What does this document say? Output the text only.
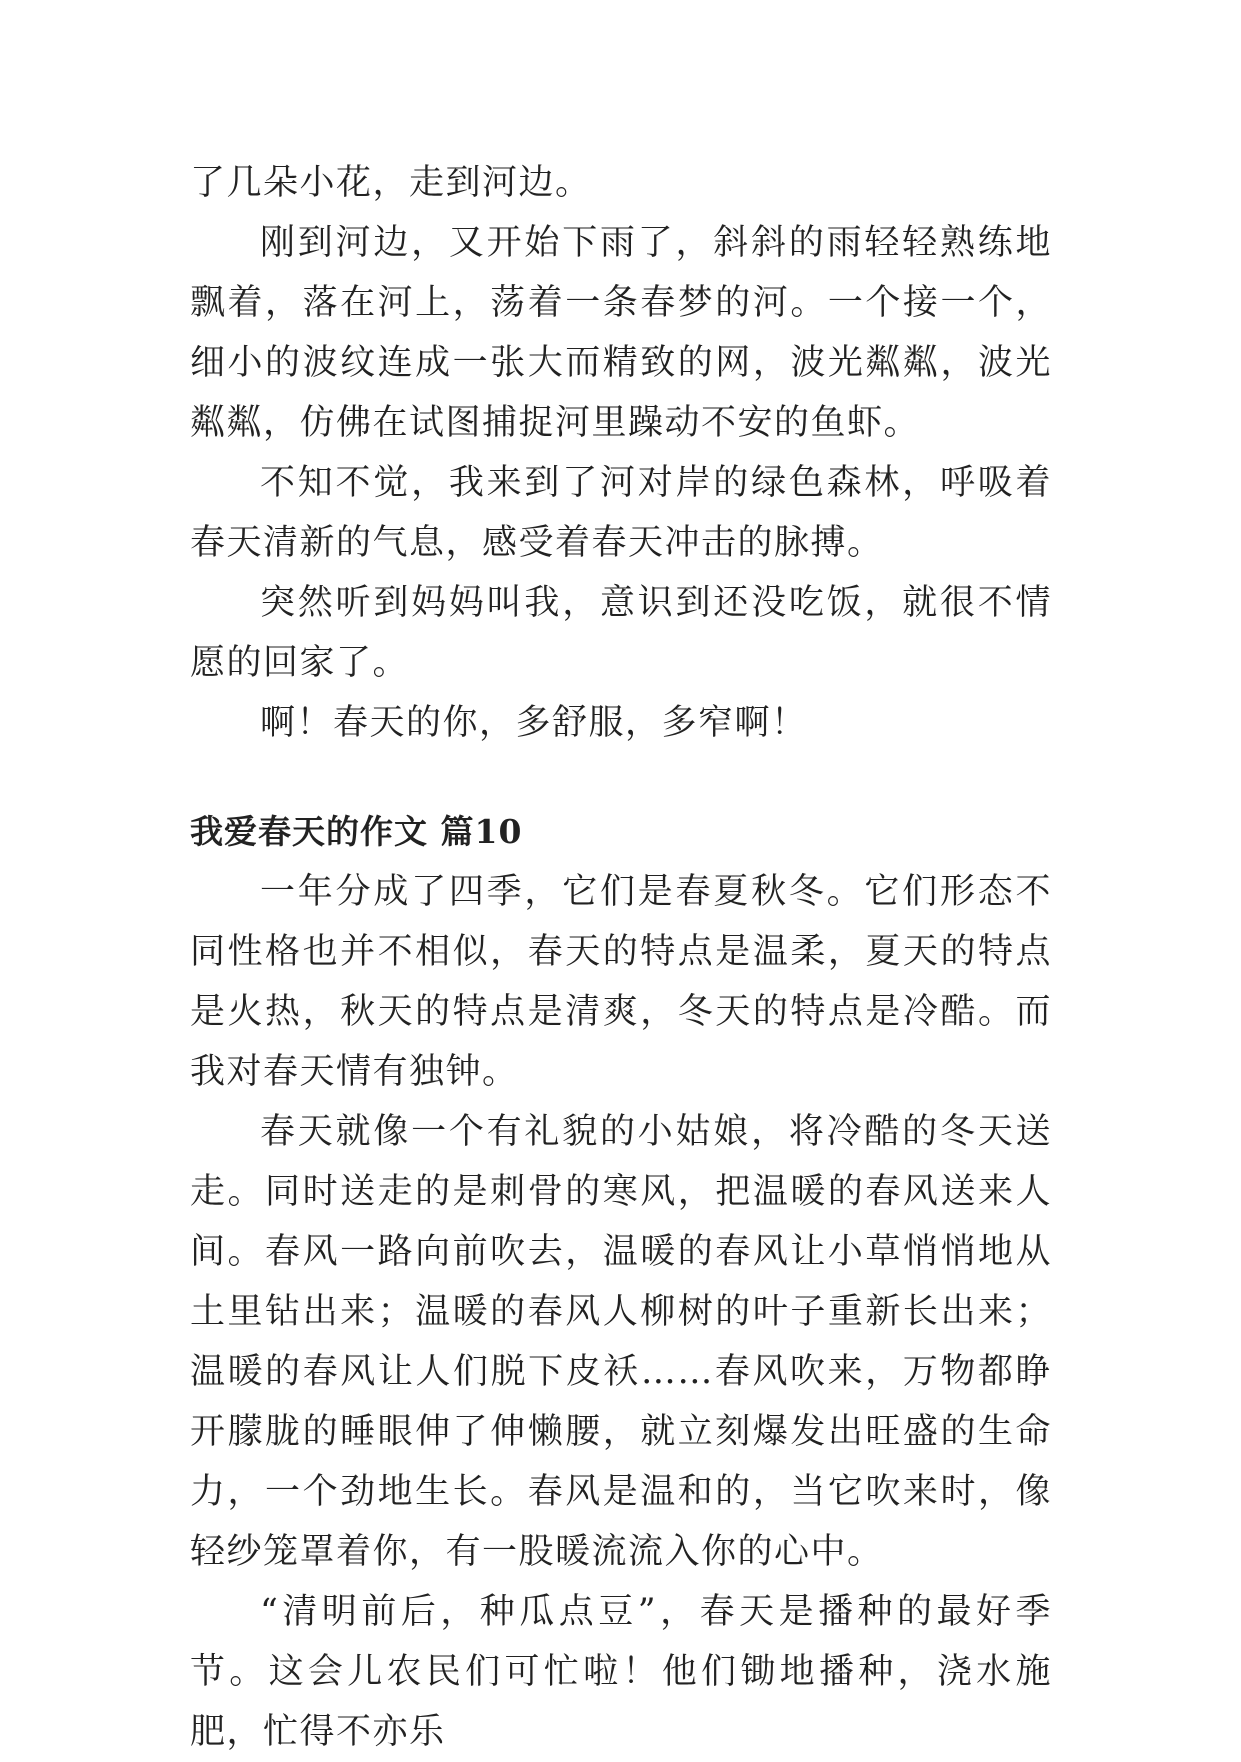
了几朵小花，走到河边。

刚到河边，又开始下雨了，斜斜的雨轻轻熟练地飘着，落在河上，荡着一条春梦的河。一个接一个，细小的波纹连成一张大而精致的网，波光粼粼，波光粼粼，仿佛在试图捕捉河里躁动不安的鱼虾。

不知不觉，我来到了河对岸的绿色森林，呼吸着春天清新的气息，感受着春天冲击的脉搏。

突然听到妈妈叫我，意识到还没吃饭，就很不情愿的回家了。

啊！春天的你，多舒服，多窄啊！

我爱春天的作文 篇10

一年分成了四季，它们是春夏秋冬。它们形态不同性格也并不相似，春天的特点是温柔，夏天的特点是火热，秋天的特点是清爽，冬天的特点是冷酷。而我对春天情有独钟。

春天就像一个有礼貌的小姑娘，将冷酷的冬天送走。同时送走的是刺骨的寒风，把温暖的春风送来人间。春风一路向前吹去，温暖的春风让小草悄悄地从土里钻出来；温暖的春风人柳树的叶子重新长出来；温暖的春风让人们脱下皮袄……春风吹来，万物都睁开朦胧的睡眼伸了伸懒腰，就立刻爆发出旺盛的生命力，一个劲地生长。春风是温和的，当它吹来时，像轻纱笼罩着你，有一股暖流流入你的心中。

“清明前后，种瓜点豆”，春天是播种的最好季节。这会儿农民们可忙啦！他们锄地播种，浇水施肥，忙得不亦乐
